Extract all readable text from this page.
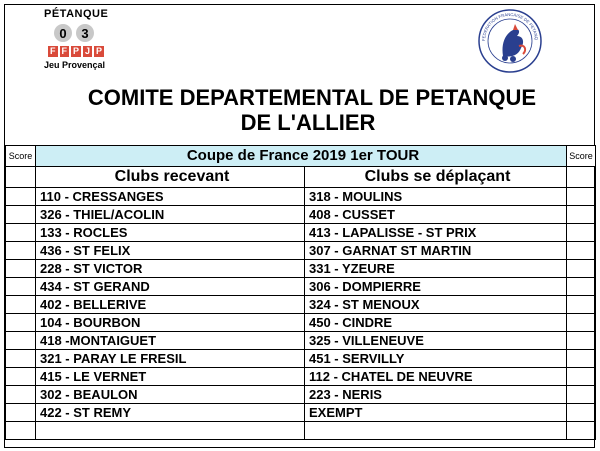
PÉTANQUE
0	3
F F P J P
Jeu Provençal
FEDERATION FRANCAISE DE PETANQ
COMITE DEPARTEMENTAL DE PETANQUE
DE L'ALLIER
Score	Coupe de France 2019 1er TOUR		Score
	Clubs recevant	Clubs se déplaçant	
	110 - CRESSANGES	318 - MOULINS	
	326 - THIEL/ACOLIN	408 - CUSSET	
	133 - ROCLES	413 - LAPALISSE - ST PRIX	
	436 - ST FELIX	307 - GARNAT ST MARTIN	
	228 - ST VICTOR	331 - YZEURE	
	434 - ST GERAND	306 - DOMPIERRE	
	402 - BELLERIVE	324 - ST MENOUX	
	104 - BOURBON	450 - CINDRE	
	418 -MONTAIGUET	325 - VILLENEUVE	
	321 - PARAY LE FRESIL	451 - SERVILLY	
	415 - LE VERNET	112 - CHATEL DE NEUVRE	
	302 - BEAULON	223 - NERIS	
	422 - ST REMY	EXEMPT	
